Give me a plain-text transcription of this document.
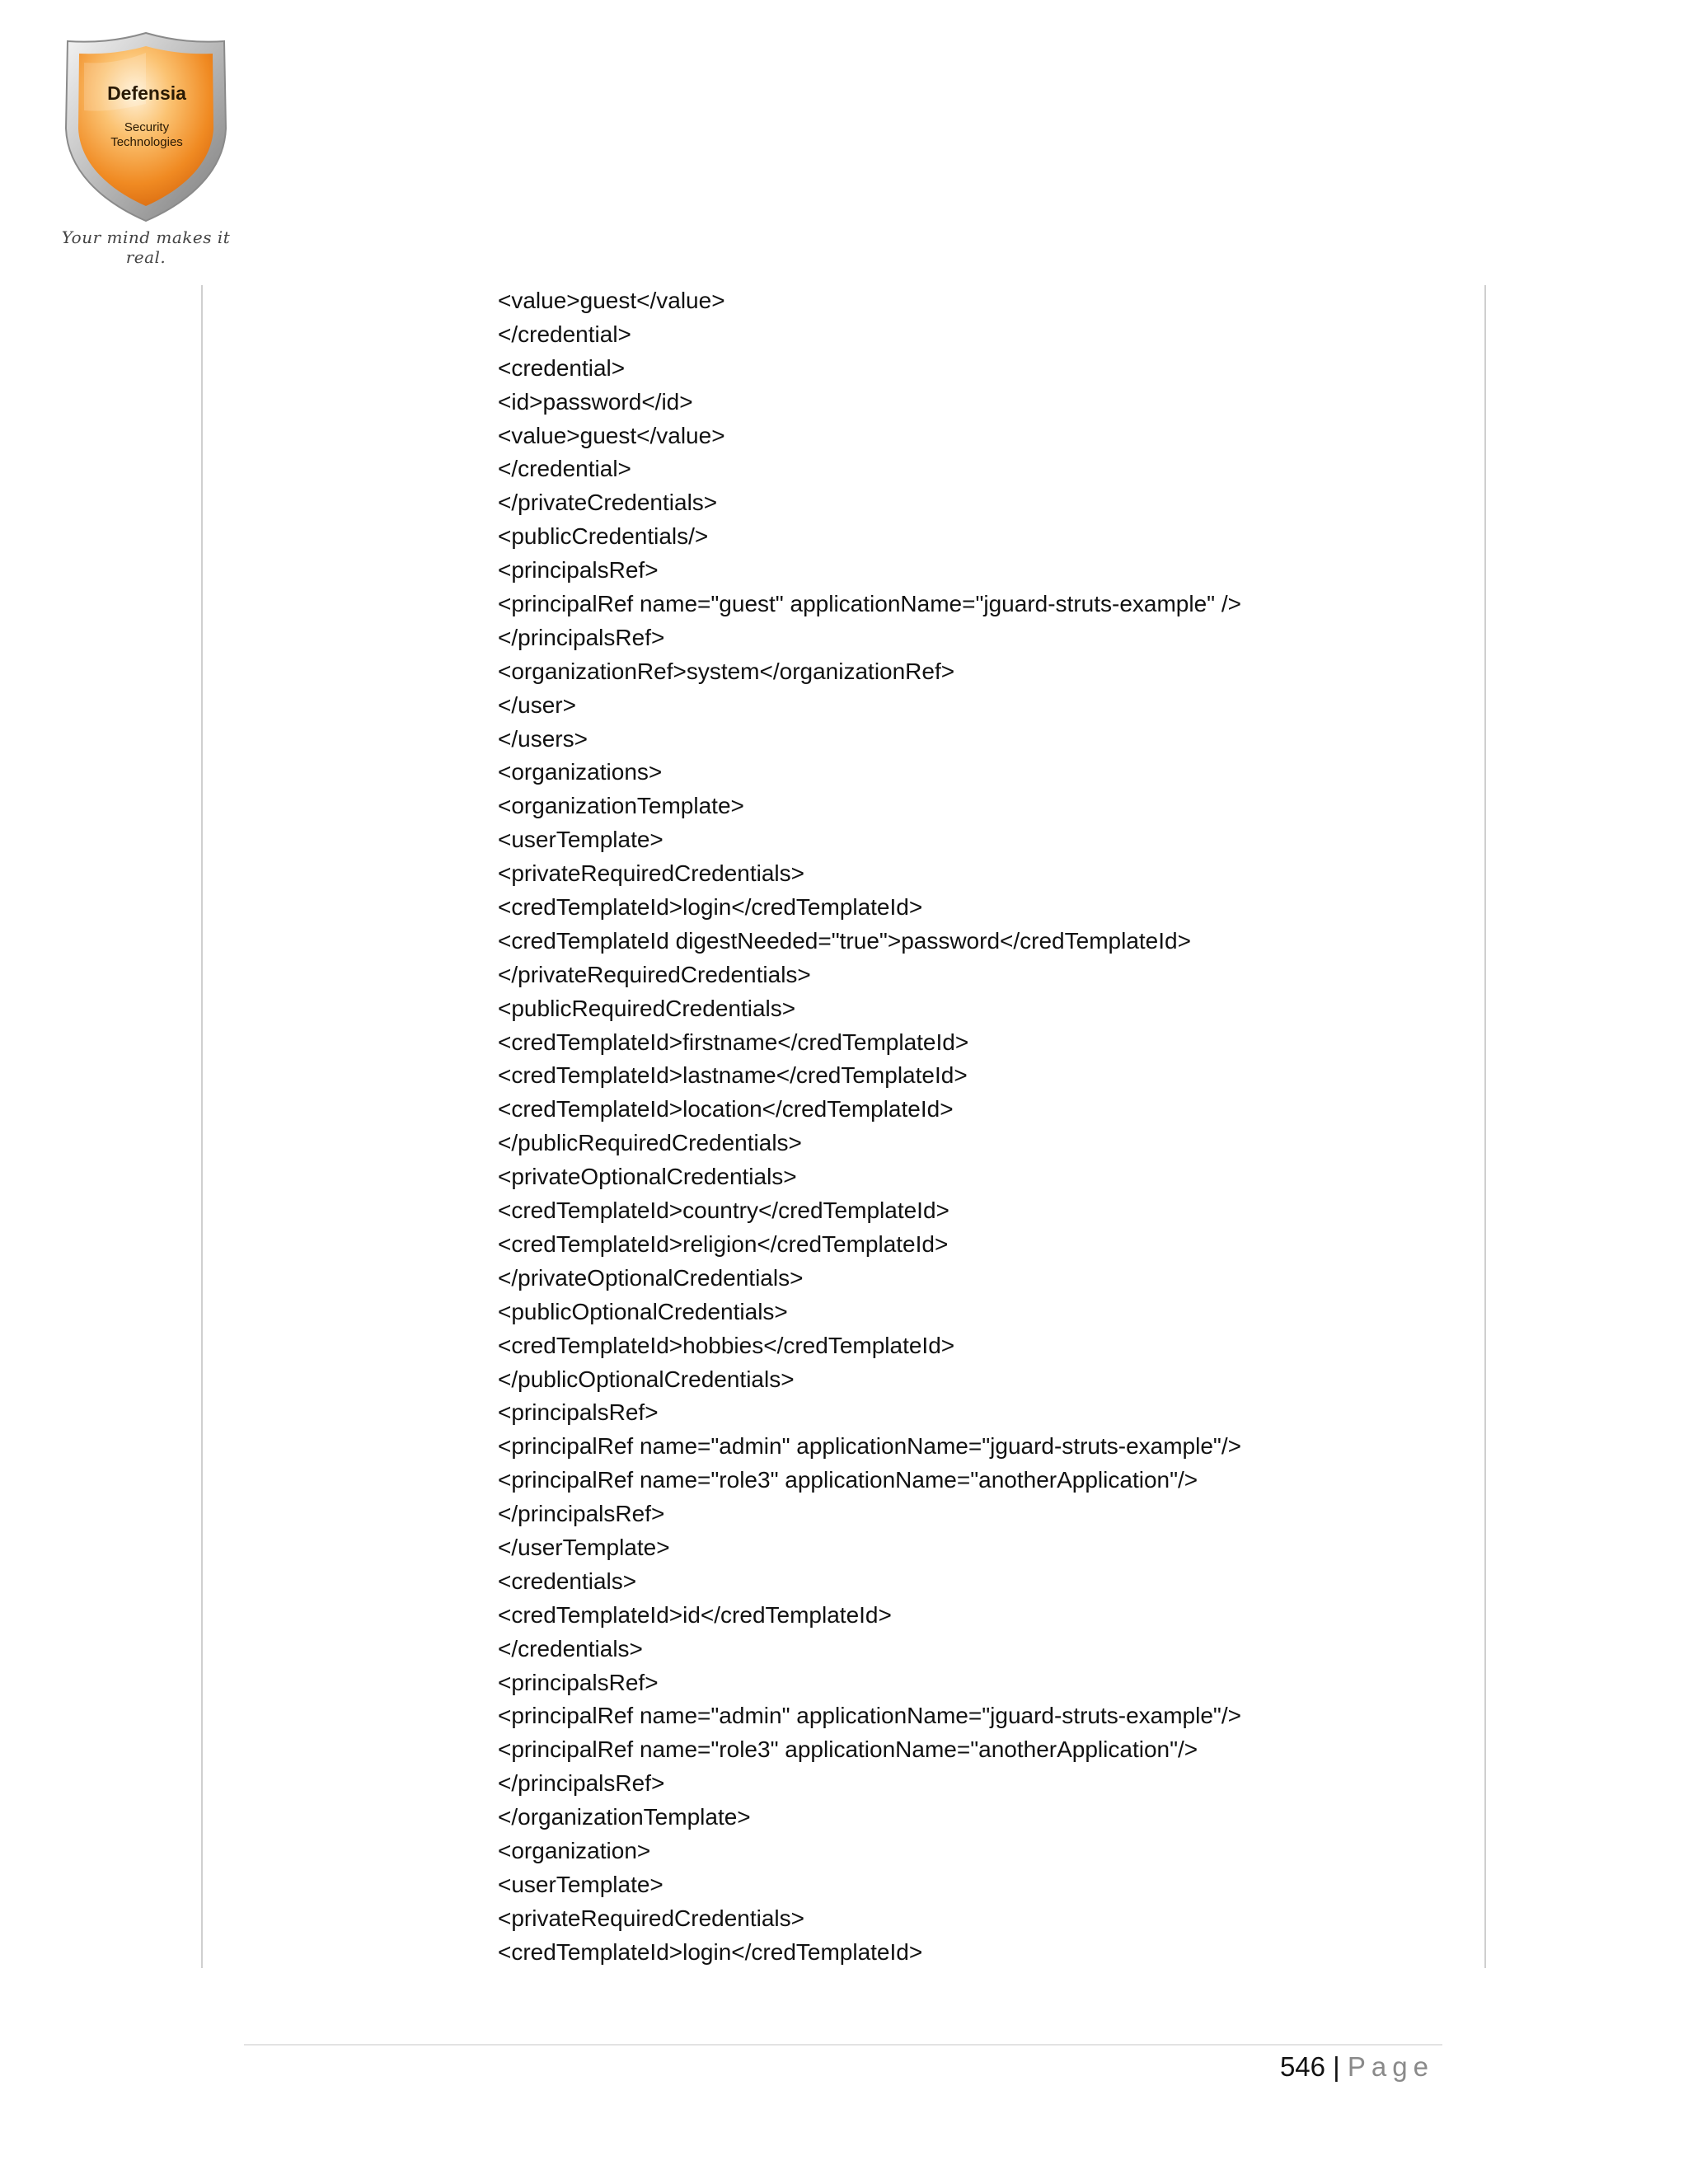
Defensia
Security
Technologies
Your mind makes it real.
<value>guest</value>
</credential>
<credential>
<id>password</id>
<value>guest</value>
</credential>
</privateCredentials>
<publicCredentials/>
<principalsRef>
<principalRef name="guest" applicationName="jguard-struts-example" />
</principalsRef>
<organizationRef>system</organizationRef>
</user>
</users>
<organizations>
<organizationTemplate>
<userTemplate>
<privateRequiredCredentials>
<credTemplateId>login</credTemplateId>
<credTemplateId digestNeeded="true">password</credTemplateId>
</privateRequiredCredentials>
<publicRequiredCredentials>
<credTemplateId>firstname</credTemplateId>
<credTemplateId>lastname</credTemplateId>
<credTemplateId>location</credTemplateId>
</publicRequiredCredentials>
<privateOptionalCredentials>
<credTemplateId>country</credTemplateId>
<credTemplateId>religion</credTemplateId>
</privateOptionalCredentials>
<publicOptionalCredentials>
<credTemplateId>hobbies</credTemplateId>
</publicOptionalCredentials>
<principalsRef>
<principalRef name="admin" applicationName="jguard-struts-example"/>
<principalRef name="role3" applicationName="anotherApplication"/>
</principalsRef>
</userTemplate>
<credentials>
<credTemplateId>id</credTemplateId>
</credentials>
<principalsRef>
<principalRef name="admin" applicationName="jguard-struts-example"/>
<principalRef name="role3" applicationName="anotherApplication"/>
</principalsRef>
</organizationTemplate>
<organization>
<userTemplate>
<privateRequiredCredentials>
<credTemplateId>login</credTemplateId>
546 | Page
